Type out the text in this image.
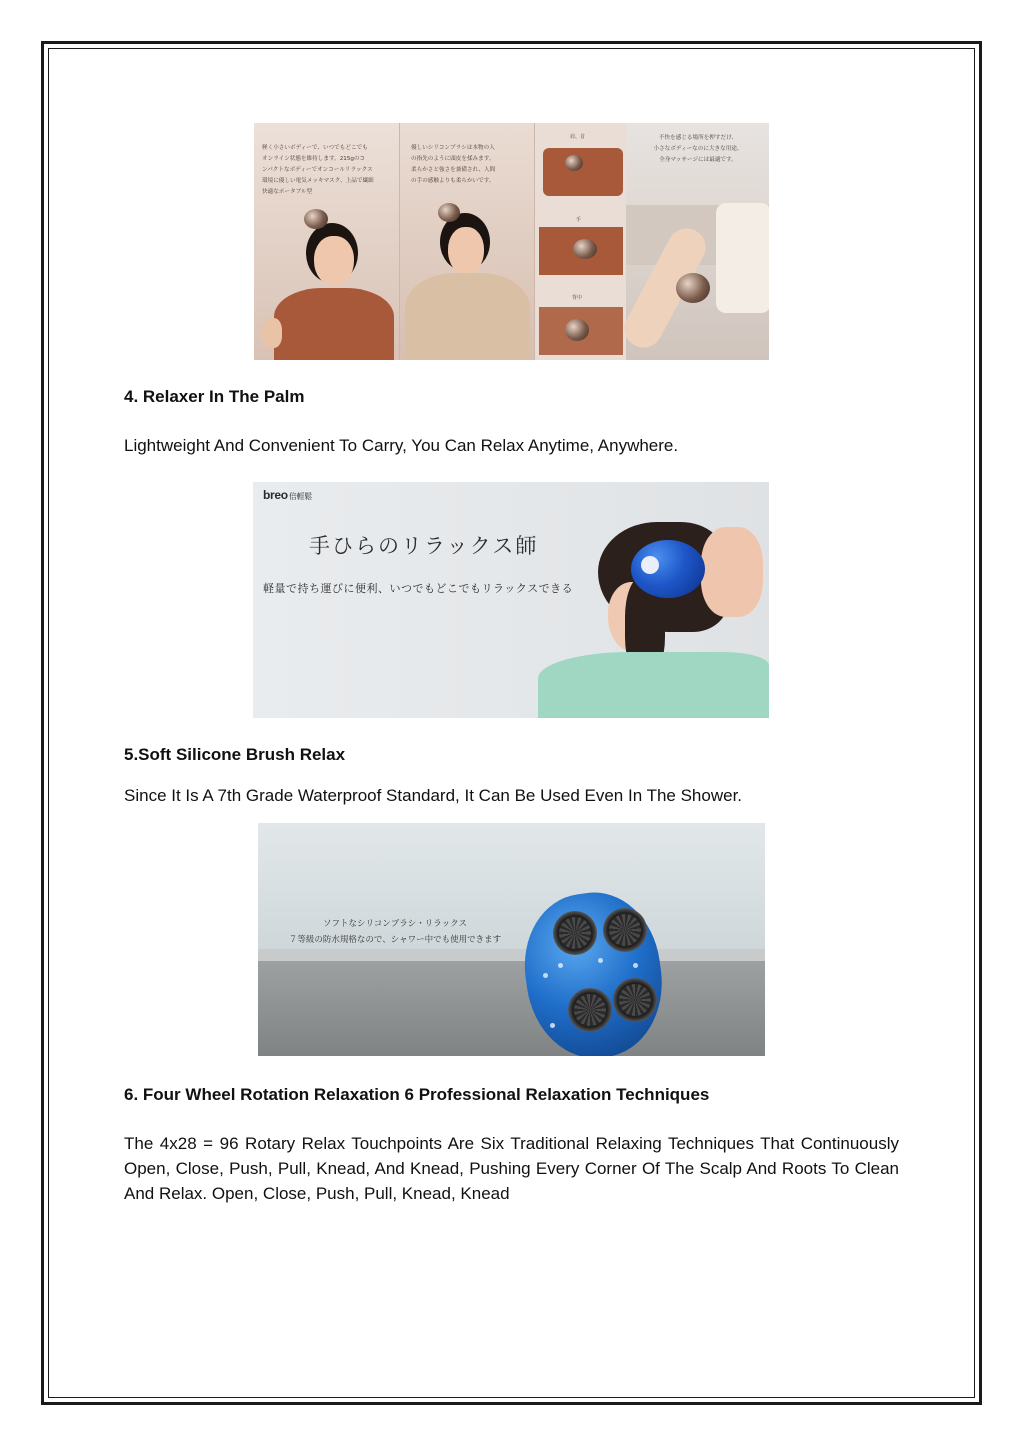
軽く小さいボディーで、いつでもどこでも
オンライン状態を維持します。215gのコ
ンパクトなボディーでオンコールリラックス
環境に優しい電気メッキマスク、上品で繊細
快適なポータブル型
優しいシリコンブラシは本物の人
の指先のように頭皮を揉みます。
柔らかさと強さを兼備され、人間
の手の感触よりも柔らかいです。
不快を感じる場所を押すだけ、
小さなボディーなのに大きな用途、
全身マッサージには最適です。
肩、首
手
背中
4. Relaxer In The Palm
Lightweight And Convenient To Carry, You Can Relax Anytime, Anywhere.
breo倍輕鬆
手ひらのリラックス師
軽量で持ち運びに便利、いつでもどこでもリラックスできる
5.Soft Silicone Brush Relax
Since It Is A 7th Grade Waterproof Standard, It Can Be Used Even In The Shower.
ソフトなシリコンブラシ・リラックス
７等級の防水規格なので、シャワー中でも使用できます
6. Four Wheel Rotation Relaxation 6 Professional Relaxation Techniques
The 4x28 = 96 Rotary Relax Touchpoints Are Six Traditional Relaxing Techniques That Continuously Open, Close, Push, Pull, Knead, And Knead, Pushing Every Corner Of The Scalp And Roots To Clean And Relax. Open, Close, Push, Pull, Knead, Knead
